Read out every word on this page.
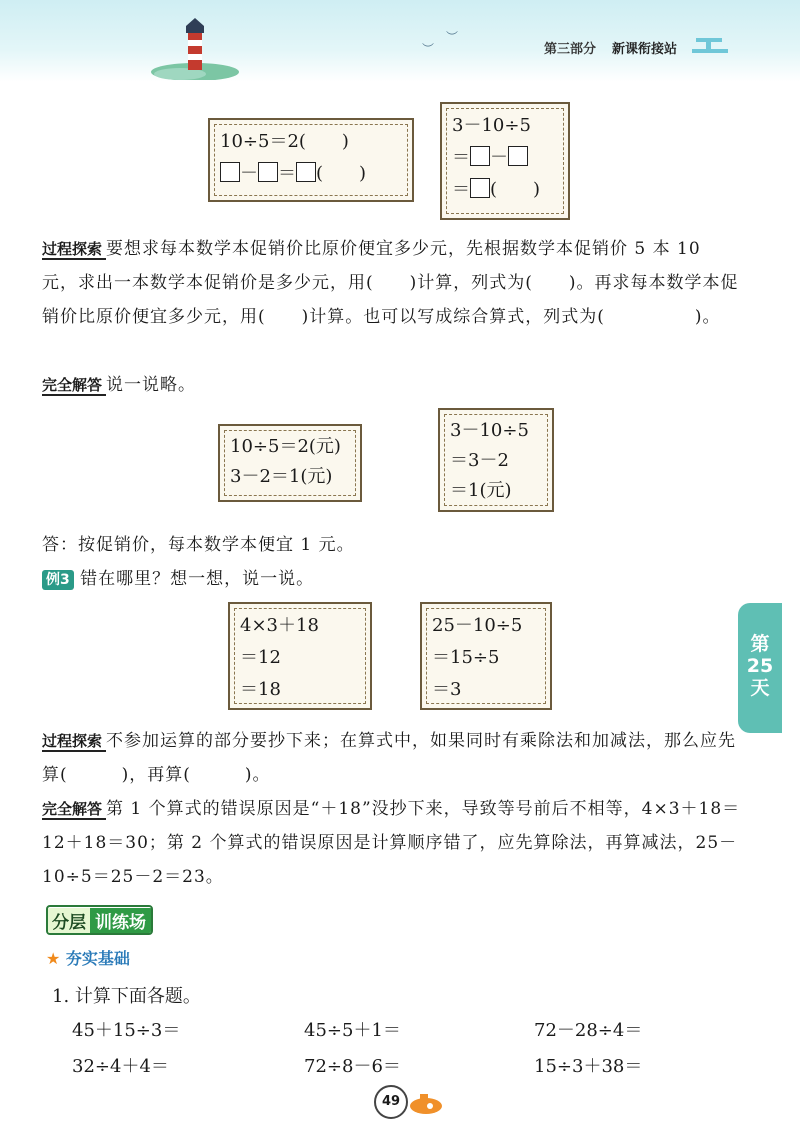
︶
︶
第三部分 新课衔接站
10÷5＝2(　　)
－ ＝ (　　)
3－10÷5
＝ －
＝ (　　)
过程探索 要想求每本数学本促销价比原价便宜多少元，先根据数学本促销价 5 本 10 元，求出一本数学本促销价是多少元，用(　　)计算，列式为(　　)。再求每本数学本促销价比原价便宜多少元，用(　　)计算。也可以写成综合算式，列式为(　　　　　)。
完全解答 说一说略。
10÷5＝2(元)
3－2＝1(元)
3－10÷5
＝3－2
＝1(元)
答：按促销价，每本数学本便宜 1 元。
例3 错在哪里？想一想，说一说。
4×3＋18
＝12
＝18
25－10÷5
＝15÷5
＝3
第
25
天
过程探索 不参加运算的部分要抄下来；在算式中，如果同时有乘除法和加减法，那么应先算(　　　)，再算(　　　)。
完全解答 第 1 个算式的错误原因是“＋18”没抄下来，导致等号前后不相等，4×3＋18＝12＋18＝30；第 2 个算式的错误原因是计算顺序错了，应先算除法，再算减法，25－10÷5＝25－2＝23。
分层 训练场
★ 夯实基础
1. 计算下面各题。
45＋15÷3＝	45÷5＋1＝	72－28÷4＝
32÷4＋4＝	72÷8－6＝	15÷3＋38＝
49
